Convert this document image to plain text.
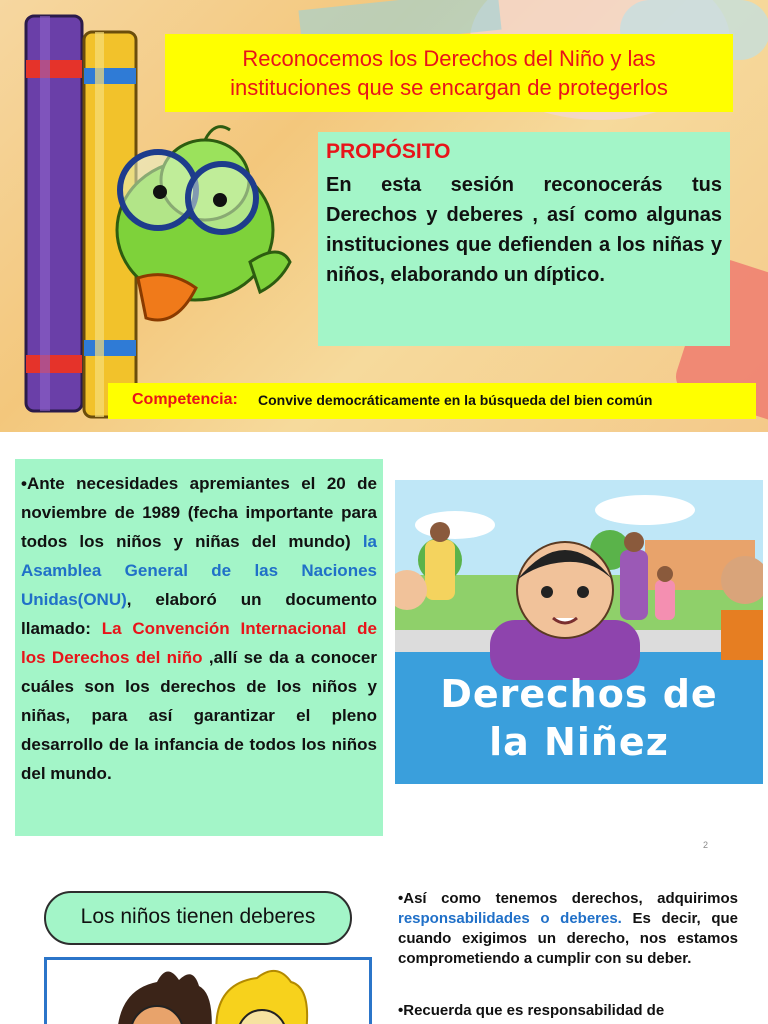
Reconocemos los Derechos del Niño y las
instituciones que se encargan de protegerlos
PROPÓSITO
En esta sesión reconocerás tus Derechos y deberes , así como algunas instituciones que defienden a los niñas y niños, elaborando un díptico.
Competencia: Convive democráticamente en la búsqueda del bien común
•Ante necesidades apremiantes el 20 de noviembre de 1989 (fecha importante para todos los niños y niñas del mundo) la Asamblea General de las Naciones Unidas(ONU), elaboró un documento llamado: La Convención Internacional de los Derechos del niño ,allí se da a conocer cuáles son los derechos de los niños y niñas, para así garantizar el pleno desarrollo de la infancia de todos los niños del mundo.
Derechos de
la Niñez
2
Los niños tienen deberes
•Así como tenemos derechos, adquirimos responsabilidades o deberes. Es decir, que cuando exigimos un derecho, nos estamos comprometiendo a cumplir con su deber.
•Recuerda que es responsabilidad de
